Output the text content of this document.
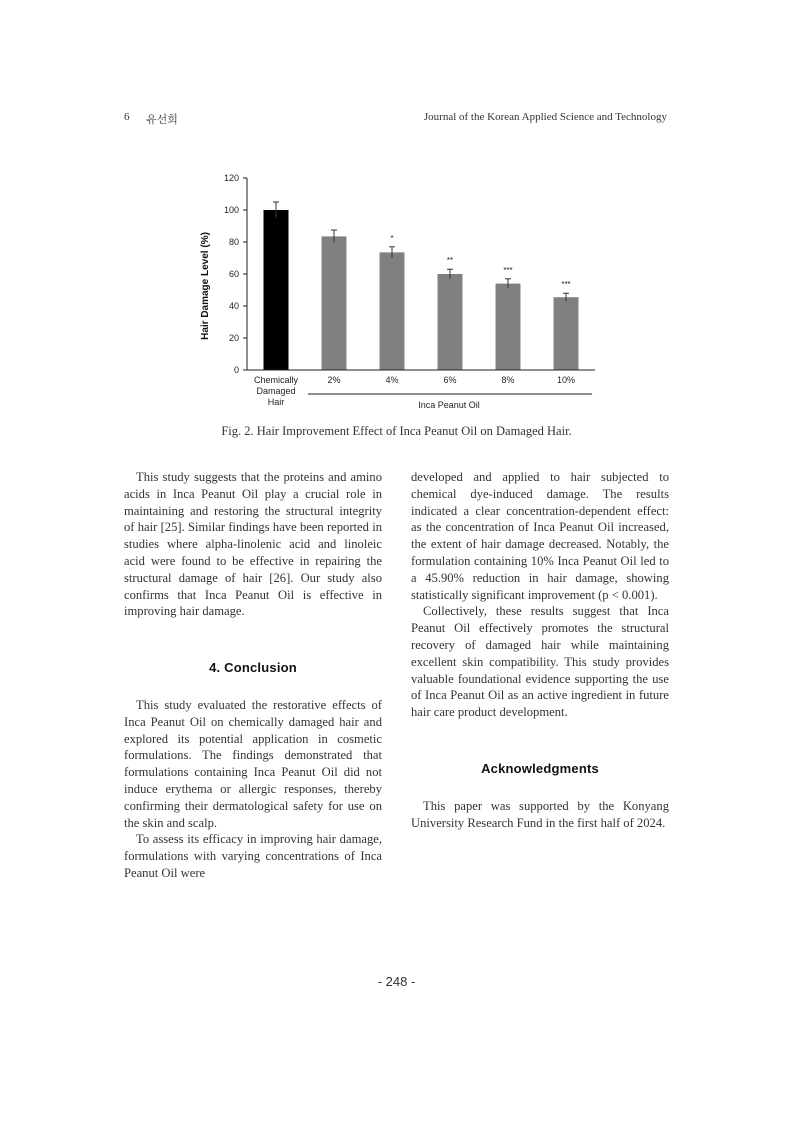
6 유선희	Journal of the Korean Applied Science and Technology
0
20
40
60
80
100
120
*
**
***
***
Chemically
Damaged
Hair
2%	4%	6%	8%	10%
Hair Damage Level (%)
Inca Peanut Oil
Fig. 2. Hair Improvement Effect of Inca Peanut Oil on Damaged Hair.

This study suggests that the proteins and amino acids in Inca Peanut Oil play a crucial role in maintaining and restoring the structural integrity of hair [25]. Similar findings have been reported in studies where alpha-linolenic acid and linoleic acid were found to be effective in repairing the structural damage of hair [26]. Our study also confirms that Inca Peanut Oil is effective in improving hair damage.

4. Conclusion

This study evaluated the restorative effects of Inca Peanut Oil on chemically damaged hair and explored its potential application in cosmetic formulations. The findings demonstrated that formulations containing Inca Peanut Oil did not induce erythema or allergic responses, thereby confirming their dermatological safety for use on the skin and scalp.

To assess its efficacy in improving hair damage, formulations with varying concentrations of Inca Peanut Oil were

developed and applied to hair subjected to chemical dye-induced damage. The results indicated a clear concentration-dependent effect: as the concentration of Inca Peanut Oil increased, the extent of hair damage decreased. Notably, the formulation containing 10% Inca Peanut Oil led to a 45.90% reduction in hair damage, showing statistically significant improvement (p < 0.001).

Collectively, these results suggest that Inca Peanut Oil effectively promotes the structural recovery of damaged hair while maintaining excellent skin compatibility. This study provides valuable foundational evidence supporting the use of Inca Peanut Oil as an active ingredient in future hair care product development.

Acknowledgments

This paper was supported by the Konyang University Research Fund in the first half of 2024.

- 248 -
